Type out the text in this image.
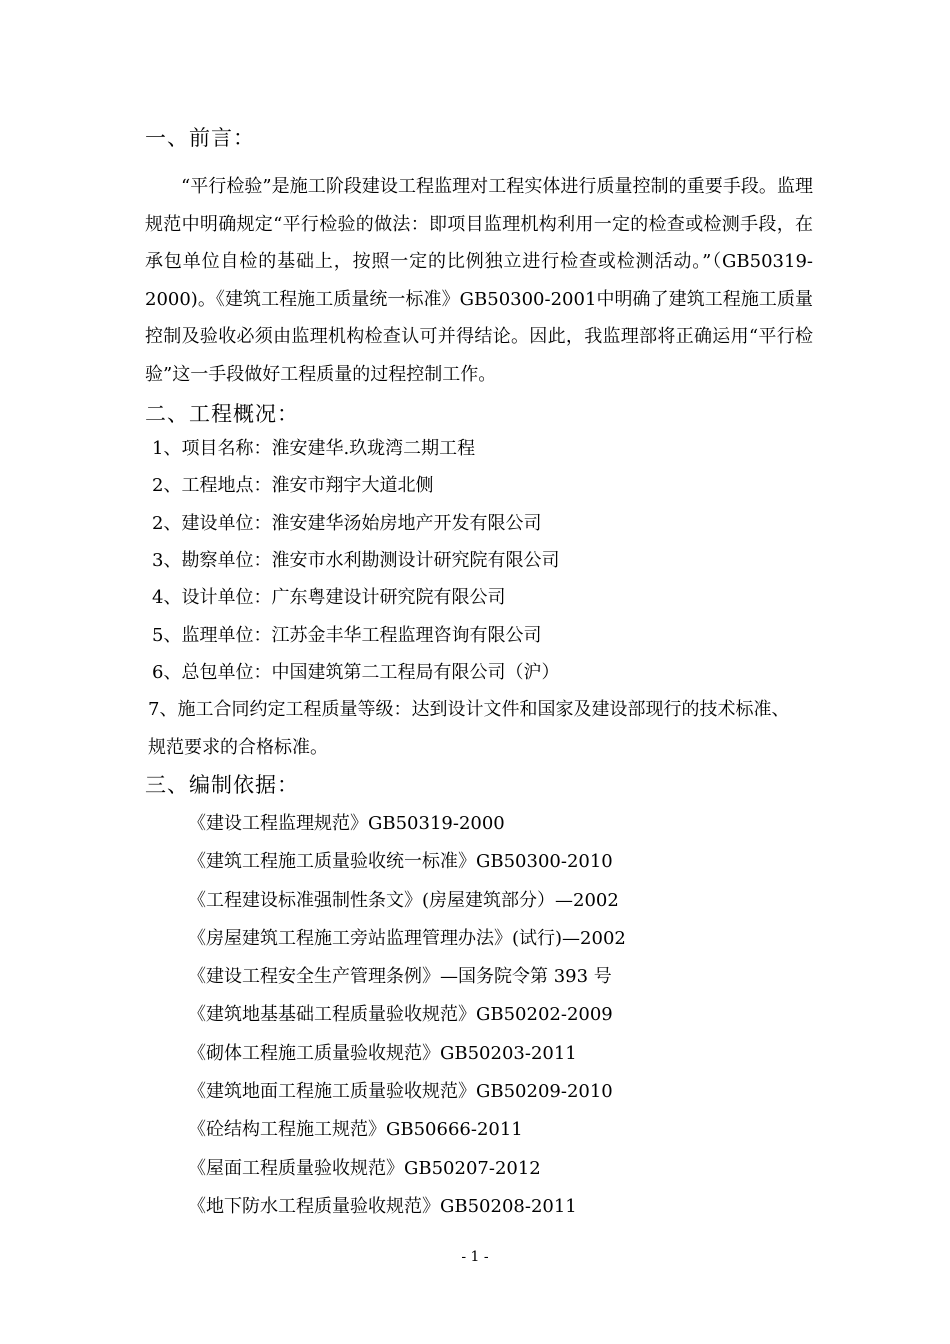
一、前言：
“平行检验”是施工阶段建设工程监理对工程实体进行质量控制的重要手段。监理规范中明确规定“平行检验的做法：即项目监理机构利用一定的检查或检测手段，在承包单位自检的基础上，按照一定的比例独立进行检查或检测活动。”（GB50319-2000)。《建筑工程施工质量统一标准》GB50300-2001中明确了建筑工程施工质量控制及验收必须由监理机构检查认可并得结论。因此，我监理部将正确运用“平行检验”这一手段做好工程质量的过程控制工作。
二、工程概况：
1、项目名称：淮安建华.玖珑湾二期工程
2、工程地点：淮安市翔宇大道北侧
2、建设单位：淮安建华汤始房地产开发有限公司
3、勘察单位：淮安市水利勘测设计研究院有限公司
4、设计单位：广东粤建设计研究院有限公司
5、监理单位：江苏金丰华工程监理咨询有限公司
6、总包单位：中国建筑第二工程局有限公司（沪）
7、施工合同约定工程质量等级：达到设计文件和国家及建设部现行的技术标准、
规范要求的合格标准。
三、编制依据：
《建设工程监理规范》GB50319-2000
《建筑工程施工质量验收统一标准》GB50300-2010
《工程建设标准强制性条文》(房屋建筑部分）—2002
《房屋建筑工程施工旁站监理管理办法》(试行)—2002
《建设工程安全生产管理条例》—国务院令第 393 号
《建筑地基基础工程质量验收规范》GB50202-2009
《砌体工程施工质量验收规范》GB50203-2011
《建筑地面工程施工质量验收规范》GB50209-2010
《砼结构工程施工规范》GB50666-2011
《屋面工程质量验收规范》GB50207-2012
《地下防水工程质量验收规范》GB50208-2011
- 1 -
